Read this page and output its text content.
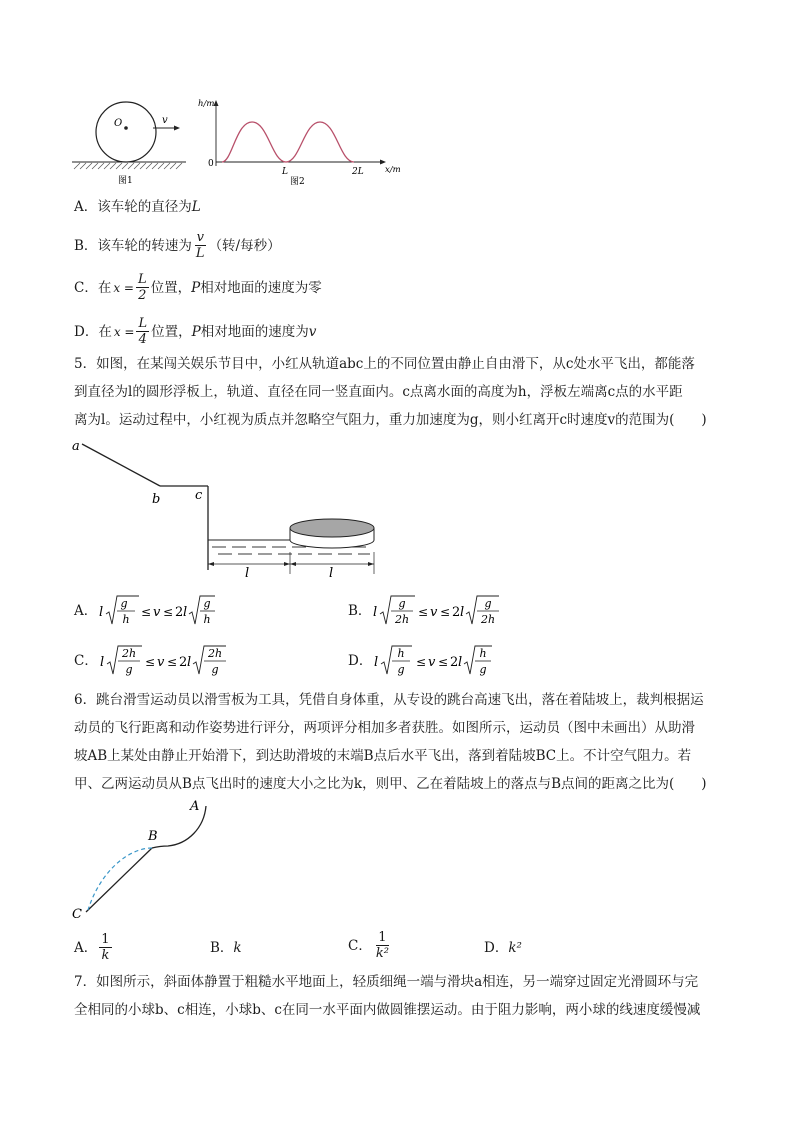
O	v
图1
h/m
x/m
0
L	2L
图2
A．该车轮的直径为L
B．该车轮的转速为 $\frac{v}{L}$ （转/每秒）
C．在 $x = \frac{L}{2}$ 位置， P 相对地面的速度为零
D．在 $x = \frac{L}{4}$ 位置， P 相对地面的速度为 v
5．如图，在某闯关娱乐节目中，小红从轨道abc上的不同位置由静止自由滑下，从c处水平飞出，都能落
到直径为l的圆形浮板上，轨道、直径在同一竖直面内。c点离水面的高度为h，浮板左端离c点的水平距
离为l。运动过程中，小红视为质点并忽略空气阻力，重力加速度为g，则小红离开c时速度v的范围为(　　)
a
b	c
l	l
A． l
g
h
≤ v ≤ 2 l
g
h
B． l
g
2h
≤ v ≤ 2 l
g
2h
C． l
2h
g
≤ v ≤ 2 l
2h
g
D． l
h
g
≤ v ≤ 2 l
h
g
6．跳台滑雪运动员以滑雪板为工具，凭借自身体重，从专设的跳台高速飞出，落在着陆坡上，裁判根据运
动员的飞行距离和动作姿势进行评分，两项评分相加多者获胜。如图所示，运动员（图中未画出）从助滑
坡AB上某处由静止开始滑下，到达助滑坡的末端B点后水平飞出，落到着陆坡BC上。不计空气阻力。若
甲、乙两运动员从B点飞出时的速度大小之比为k，则甲、乙在着陆坡上的落点与B点间的距离之比为(　　)
A
B
C
A． $\frac{1}{k}$	B．k	C． $\frac{1}{\text{k²}}$	D．k²
7．如图所示，斜面体静置于粗糙水平地面上，轻质细绳一端与滑块a相连，另一端穿过固定光滑圆环与完
全相同的小球b、c相连，小球b、c在同一水平面内做圆锥摆运动。由于阻力影响，两小球的线速度缓慢减
